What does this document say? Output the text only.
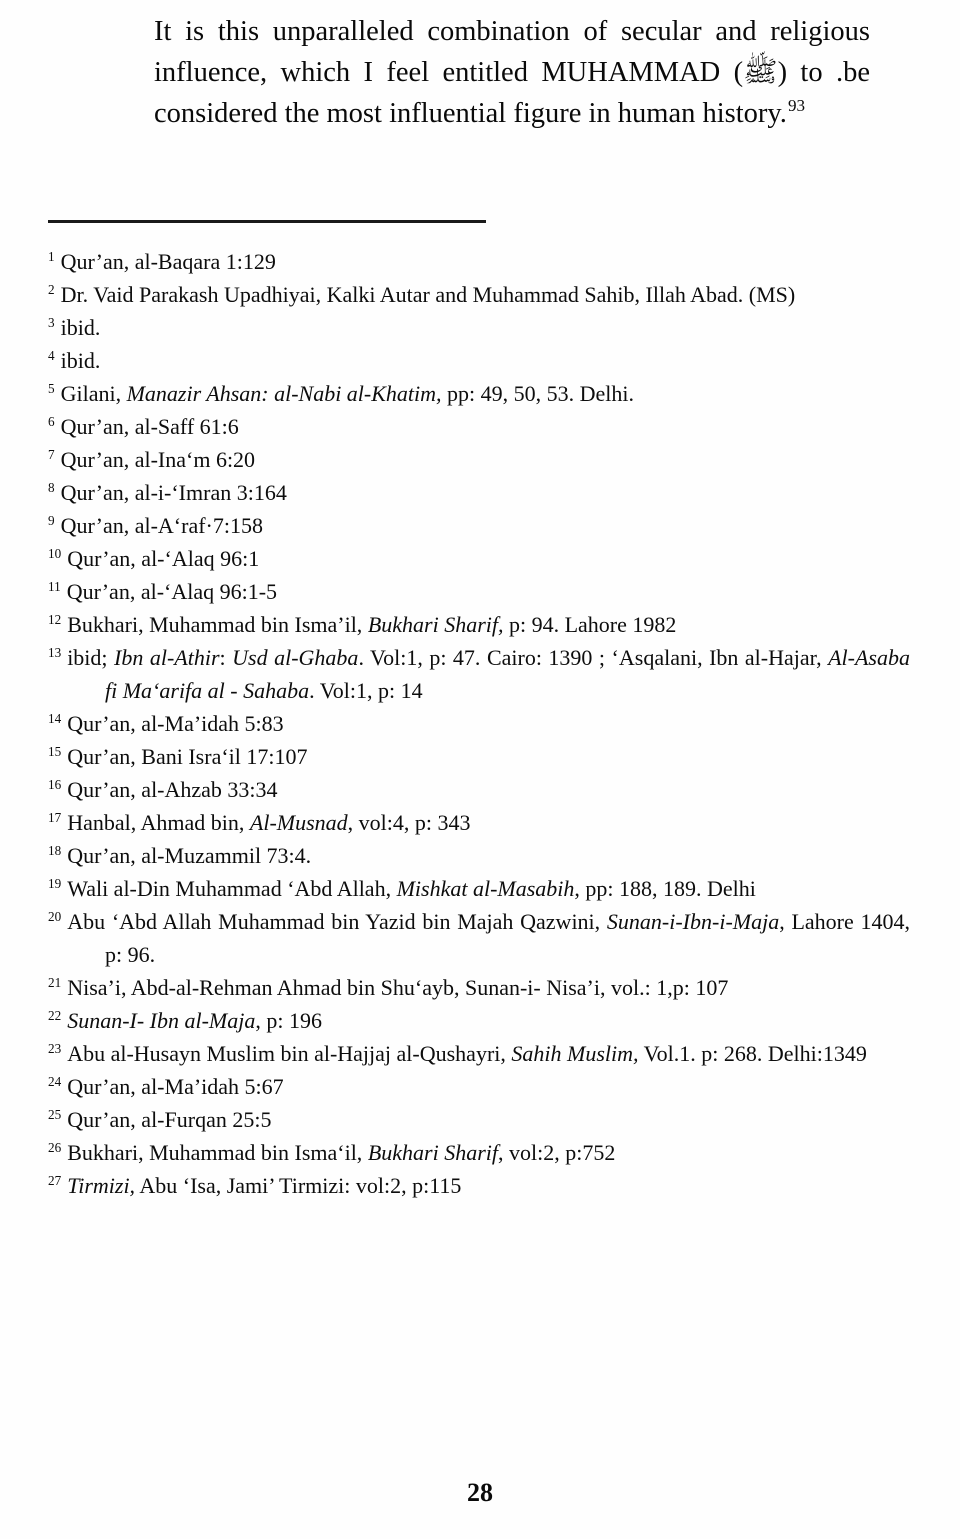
It is this unparalleled combination of secular and religious influence, which I feel entitled MUHAMMAD (ﷺ) to .be considered the most influential figure in human history.$^{93}$

$^1$ Qur’an, al-Baqara 1:129
$^2$ Dr. Vaid Parakash Upadhiyai, Kalki Autar and Muhammad Sahib, Illah Abad. (MS)
$^3$ ibid.
$^4$ ibid.
$^5$ Gilani, Manazir Ahsan: al-Nabi al-Khatim, pp: 49, 50, 53. Delhi.
$^6$ Qur’an, al-Saff 61:6
$^7$ Qur’an, al-Ina‘m 6:20
$^8$ Qur’an, al-i-‘Imran 3:164
$^9$ Qur’an, al-A‘raf·7:158
$^{10}$ Qur’an, al-‘Alaq 96:1
$^{11}$ Qur’an, al-‘Alaq 96:1-5
$^{12}$ Bukhari, Muhammad bin Isma’il, Bukhari Sharif, p: 94. Lahore 1982
$^{13}$ ibid; Ibn al-Athir: Usd al-Ghaba. Vol:1, p: 47. Cairo: 1390 ; ‘Asqalani, Ibn al-Hajar, Al-Asaba fi Ma‘arifa al - Sahaba. Vol:1, p: 14
$^{14}$ Qur’an, al-Ma’idah 5:83
$^{15}$ Qur’an, Bani Isra‘il 17:107
$^{16}$ Qur’an, al-Ahzab 33:34
$^{17}$ Hanbal, Ahmad bin, Al-Musnad, vol:4, p: 343
$^{18}$ Qur’an, al-Muzammil 73:4.
$^{19}$ Wali al-Din Muhammad ‘Abd Allah, Mishkat al-Masabih, pp: 188, 189. Delhi
$^{20}$ Abu ‘Abd Allah Muhammad bin Yazid bin Majah Qazwini, Sunan-i-Ibn-i-Maja, Lahore 1404, p: 96.
$^{21}$ Nisa’i, Abd-al-Rehman Ahmad bin Shu‘ayb, Sunan-i- Nisa’i, vol.: 1,p: 107
$^{22}$ Sunan-I- Ibn al-Maja, p: 196
$^{23}$ Abu al-Husayn Muslim bin al-Hajjaj al-Qushayri, Sahih Muslim, Vol.1. p: 268. Delhi:1349
$^{24}$ Qur’an, al-Ma’idah 5:67
$^{25}$ Qur’an, al-Furqan 25:5
$^{26}$ Bukhari, Muhammad bin Isma‘il, Bukhari Sharif, vol:2, p:752
$^{27}$ Tirmizi, Abu ‘Isa, Jami’ Tirmizi: vol:2, p:115
28
